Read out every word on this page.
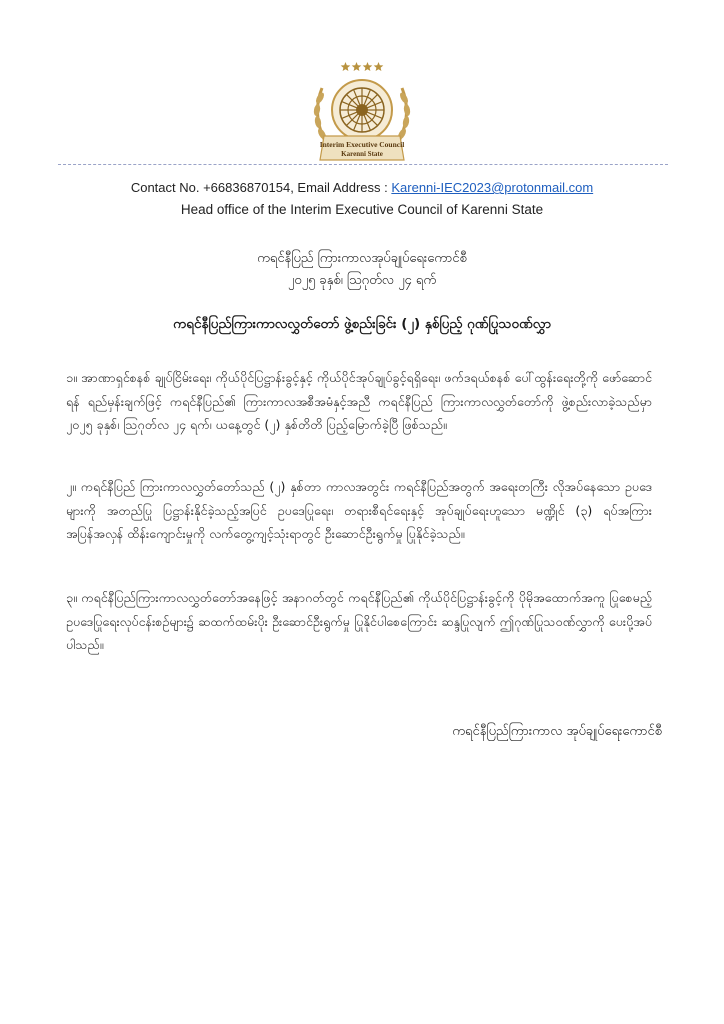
Interim Executive Council
Karenni State
Contact No. +66836870154, Email Address : Karenni-IEC2023@protonmail.com
Head office of the Interim Executive Council of Karenni State
ကရင်နီပြည် ကြားကာလအုပ်ချုပ်ရေးကောင်စီ
၂၀၂၅ ခုနှစ်၊ ဩဂုတ်လ ၂၄ ရက်
ကရင်နီပြည်ကြားကာလလွှတ်တော် ဖွဲ့စည်းခြင်း (၂) နှစ်ပြည့် ဂုဏ်ပြုသဝဏ်လွှာ
၁။ အာဏာရှင်စနစ် ချုပ်ငြိမ်းရေး၊ ကိုယ်ပိုင်ပြဋ္ဌာန်းခွင့်နှင့် ကိုယ်ပိုင်အုပ်ချုပ်ခွင့်ရရှိရေး၊ ဖက်ဒရယ်စနစ် ပေါ်ထွန်းရေးတို့ကို ဖော်ဆောင်ရန် ရည်မှန်းချက်ဖြင့် ကရင်နီပြည်၏ ကြားကာလအစီအမံနှင့်အညီ ကရင်နီပြည် ကြားကာလလွှတ်တော်ကို ဖွဲ့စည်းလာခဲ့သည်မှာ ၂၀၂၅ ခုနှစ်၊ ဩဂုတ်လ ၂၄ ရက်၊ ယနေ့တွင် (၂) နှစ်တိတိ ပြည့်မြောက်ခဲ့ပြီ ဖြစ်သည်။
၂။ ကရင်နီပြည် ကြားကာလလွှတ်တော်သည် (၂) နှစ်တာ ကာလအတွင်း ကရင်နီပြည်အတွက် အရေးတကြီး လိုအပ်နေသော ဥပဒေများကို အတည်ပြု ပြဋ္ဌာန်းနိုင်ခဲ့သည့်အပြင် ဥပဒေပြုရေး၊ တရားစီရင်ရေးနှင့် အုပ်ချုပ်ရေးဟူသော မဏ္ဍိုင် (၃) ရပ်အကြား အပြန်အလှန် ထိန်းကျောင်းမှုကို လက်တွေ့ကျင့်သုံးရာတွင် ဦးဆောင်ဦးရွက်မှု ပြုနိုင်ခဲ့သည်။
၃။ ကရင်နီပြည်ကြားကာလလွှတ်တော်အနေဖြင့် အနာဂတ်တွင် ကရင်နီပြည်၏ ကိုယ်ပိုင်ပြဋ္ဌာန်းခွင့်ကို ပိုမိုအထောက်အကူ ပြုစေမည့် ဥပဒေပြုရေးလုပ်ငန်းစဉ်များ၌ ဆထက်ထမ်းပိုး ဦးဆောင်ဦးရွက်မှု ပြုနိုင်ပါစေကြောင်း ဆန္ဒပြုလျက် ဤဂုဏ်ပြုသဝဏ်လွှာကို ပေးပို့အပ်ပါသည်။
ကရင်နီပြည်ကြားကာလ အုပ်ချုပ်ရေးကောင်စီ
